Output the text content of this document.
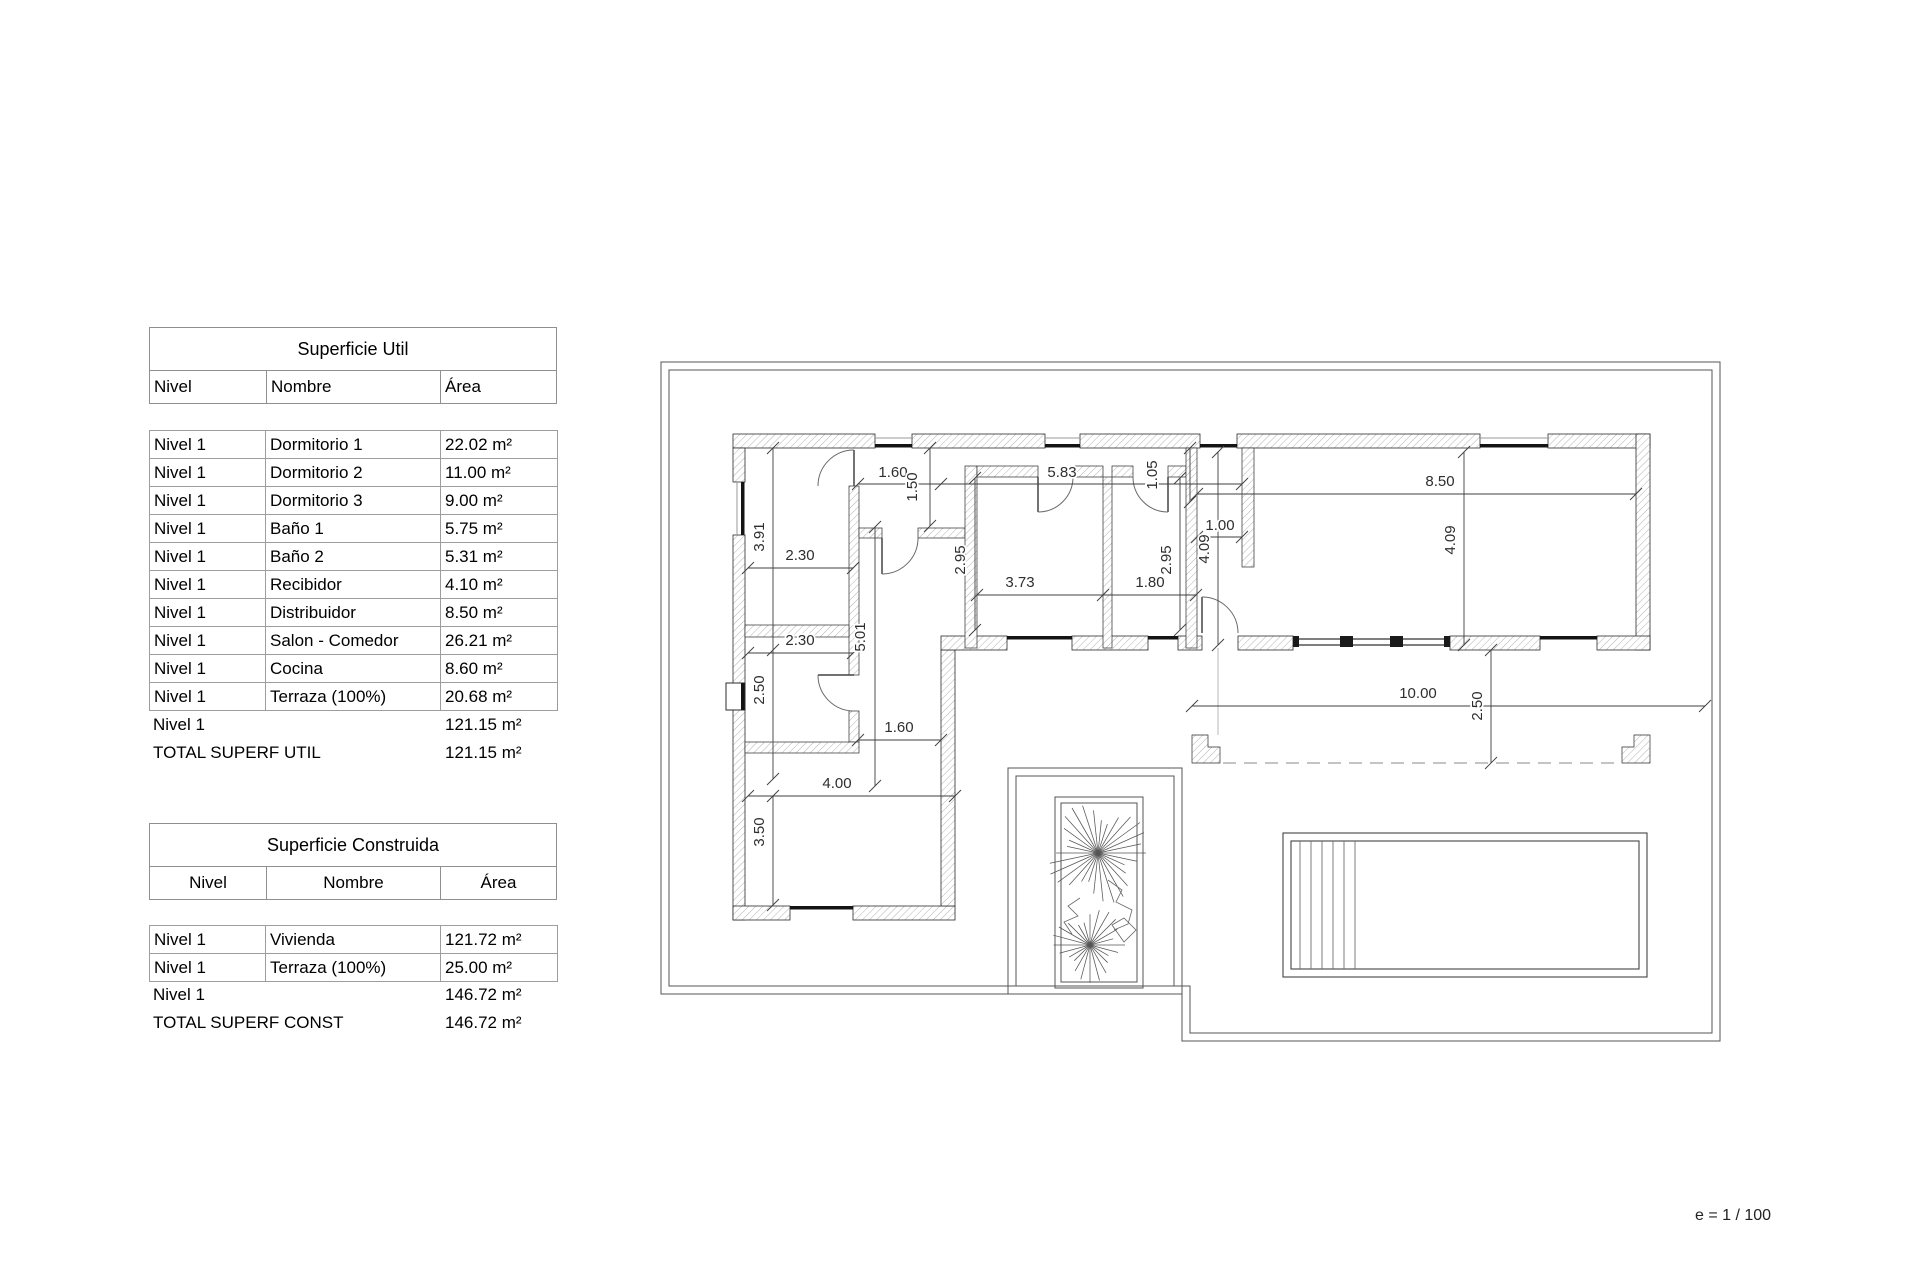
Superficie Util
Nivel	Nombre	Área
Nivel 1	Dormitorio 1	22.02 m²
Nivel 1	Dormitorio 2	11.00 m²
Nivel 1	Dormitorio 3	9.00 m²
Nivel 1	Baño 1	5.75 m²
Nivel 1	Baño 2	5.31 m²
Nivel 1	Recibidor	4.10 m²
Nivel 1	Distribuidor	8.50 m²
Nivel 1	Salon - Comedor	26.21 m²
Nivel 1	Cocina	8.60 m²
Nivel 1	Terraza (100%)	20.68 m²
Nivel 1	121.15 m²
TOTAL SUPERF UTIL	121.15 m²
Superficie Construida
Nivel	Nombre	Área
Nivel 1	Vivienda	121.72 m²
Nivel 1	Terraza (100%)	25.00 m²
Nivel 1	146.72 m²
TOTAL SUPERF CONST	146.72 m²
1.60
1.50	5.83	1.05
1.00
4.09
8.50
4.09
3.91
2.30	2.95
3.73	1.80
2.95
2.30
2.50
5.01
1.60
4.00
3.50
10.00 2.50
e = 1 / 100
